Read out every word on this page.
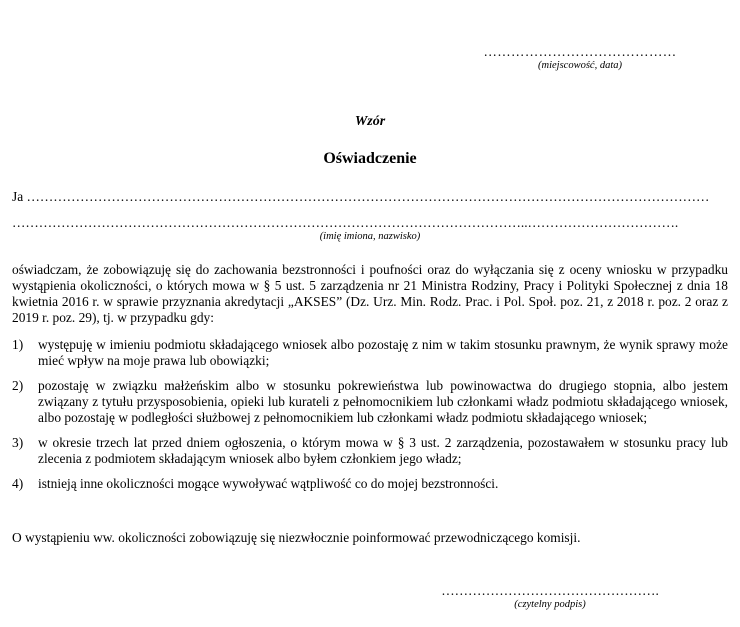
……………………………………
(miejscowość, data)
Wzór
Oświadczenie
Ja ………………………………………………………………………………………………………………………………………
……………………………………………………………………………………………………..…………………………….
(imię imiona, nazwisko)

oświadczam, że zobowiązuję się do zachowania bezstronności i poufności oraz do wyłączania się z oceny wniosku w przypadku wystąpienia okoliczności, o których mowa w § 5 ust. 5 zarządzenia nr 21 Ministra Rodziny, Pracy i Polityki Społecznej z dnia 18 kwietnia 2016 r. w sprawie przyznania akredytacji „AKSES” (Dz. Urz. Min. Rodz. Prac. i Pol. Społ. poz. 21, z 2018 r. poz. 2 oraz z 2019 r. poz. 29), tj. w przypadku gdy:

1) występuję w imieniu podmiotu składającego wniosek albo pozostaję z nim w takim stosunku prawnym, że wynik sprawy może mieć wpływ na moje prawa lub obowiązki;
2) pozostaję w związku małżeńskim albo w stosunku pokrewieństwa lub powinowactwa do drugiego stopnia, albo jestem związany z tytułu przysposobienia, opieki lub kurateli z pełnomocnikiem lub członkami władz podmiotu składającego wniosek, albo pozostaję w podległości służbowej z pełnomocnikiem lub członkami władz podmiotu składającego wniosek;
3) w okresie trzech lat przed dniem ogłoszenia, o którym mowa w § 3 ust. 2 zarządzenia, pozostawałem w stosunku pracy lub zlecenia z podmiotem składającym wniosek albo byłem członkiem jego władz;
4) istnieją inne okoliczności mogące wywoływać wątpliwość co do mojej bezstronności.
O wystąpieniu ww. okoliczności zobowiązuję się niezwłocznie poinformować przewodniczącego komisji.
………………………………………….
(czytelny podpis)
